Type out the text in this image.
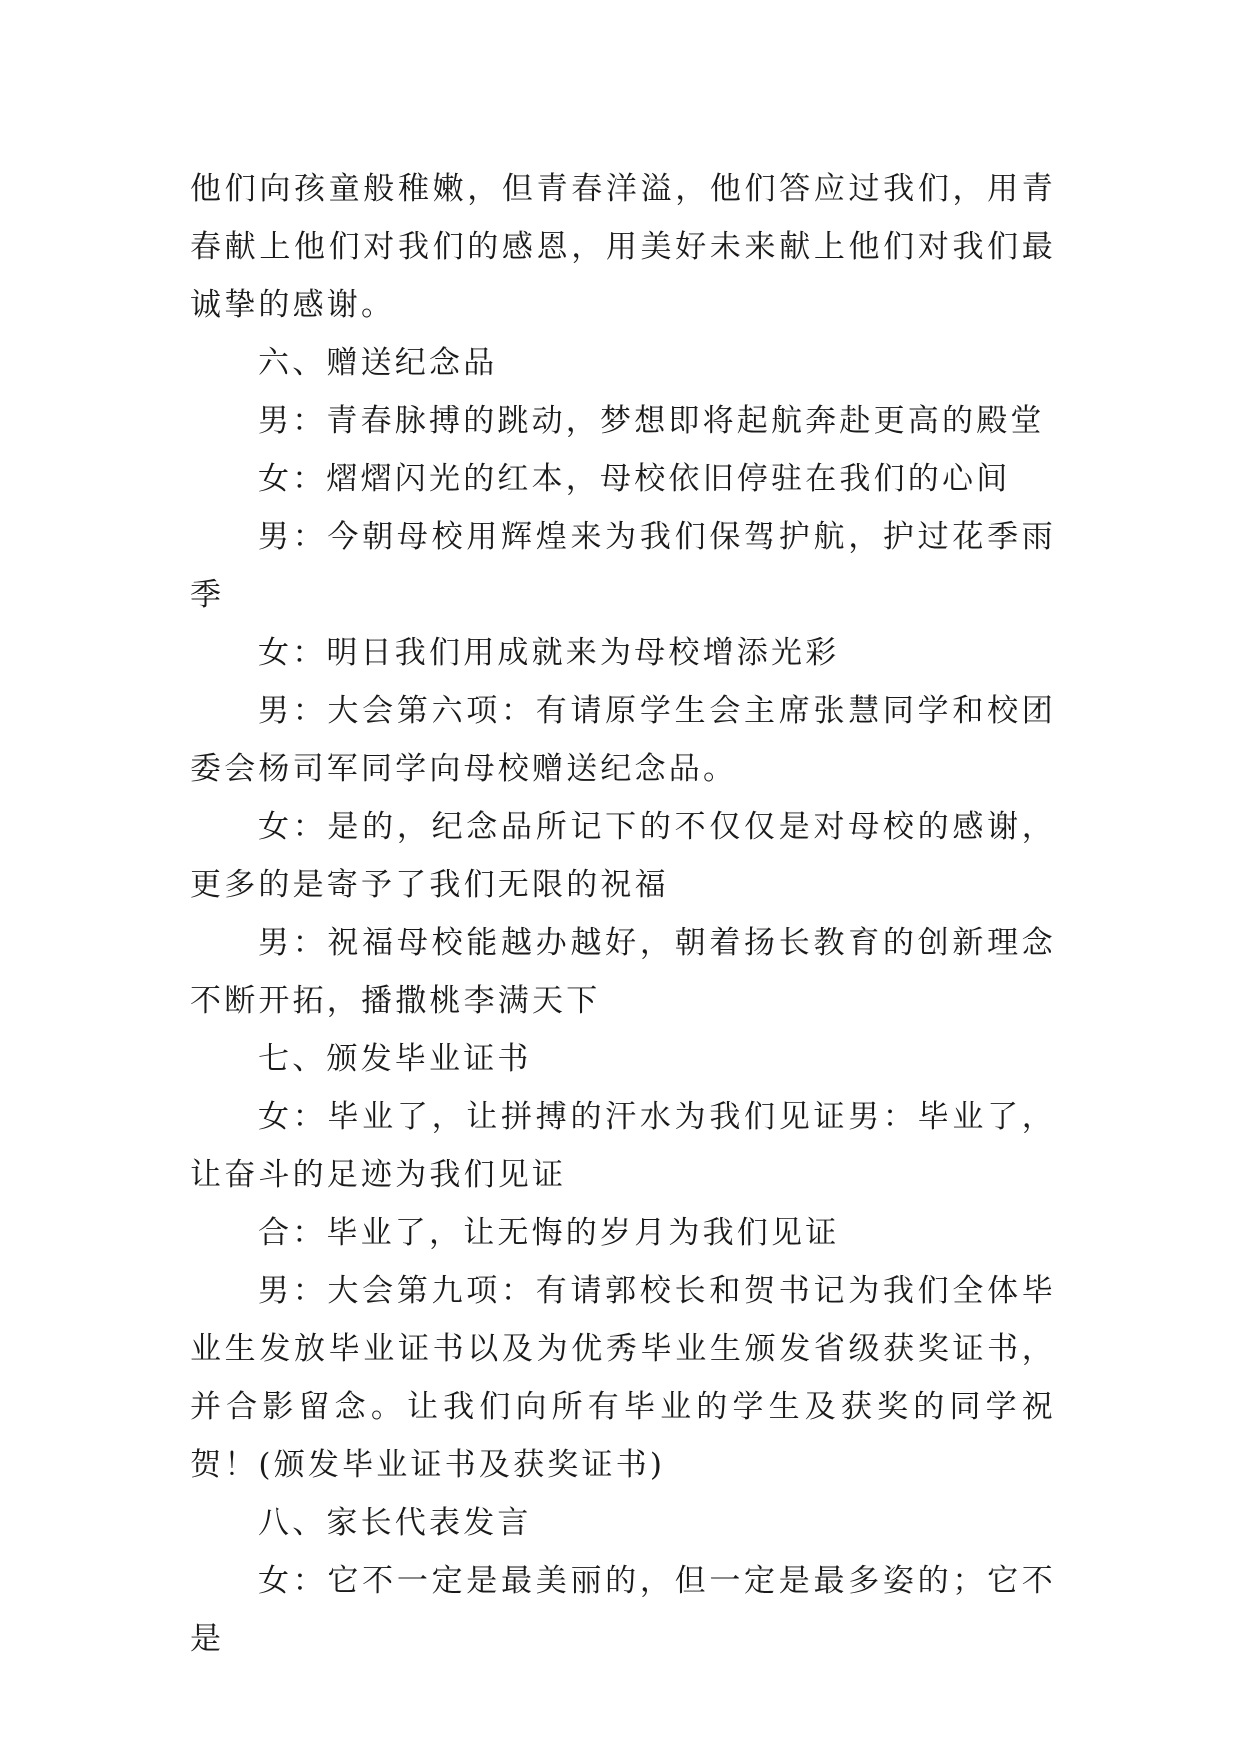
他们向孩童般稚嫩，但青春洋溢，他们答应过我们，用青春献上他们对我们的感恩，用美好未来献上他们对我们最诚挚的感谢。

六、赠送纪念品

男：青春脉搏的跳动，梦想即将起航奔赴更高的殿堂

女：熠熠闪光的红本，母校依旧停驻在我们的心间

男：今朝母校用辉煌来为我们保驾护航，护过花季雨季

女：明日我们用成就来为母校增添光彩

男：大会第六项：有请原学生会主席张慧同学和校团委会杨司军同学向母校赠送纪念品。

女：是的，纪念品所记下的不仅仅是对母校的感谢，更多的是寄予了我们无限的祝福

男：祝福母校能越办越好，朝着扬长教育的创新理念不断开拓，播撒桃李满天下

七、颁发毕业证书

女：毕业了，让拼搏的汗水为我们见证男：毕业了，让奋斗的足迹为我们见证

合：毕业了，让无悔的岁月为我们见证

男：大会第九项：有请郭校长和贺书记为我们全体毕业生发放毕业证书以及为优秀毕业生颁发省级获奖证书，并合影留念。让我们向所有毕业的学生及获奖的同学祝贺！(颁发毕业证书及获奖证书)

八、家长代表发言

女：它不一定是最美丽的，但一定是最多姿的；它不是
